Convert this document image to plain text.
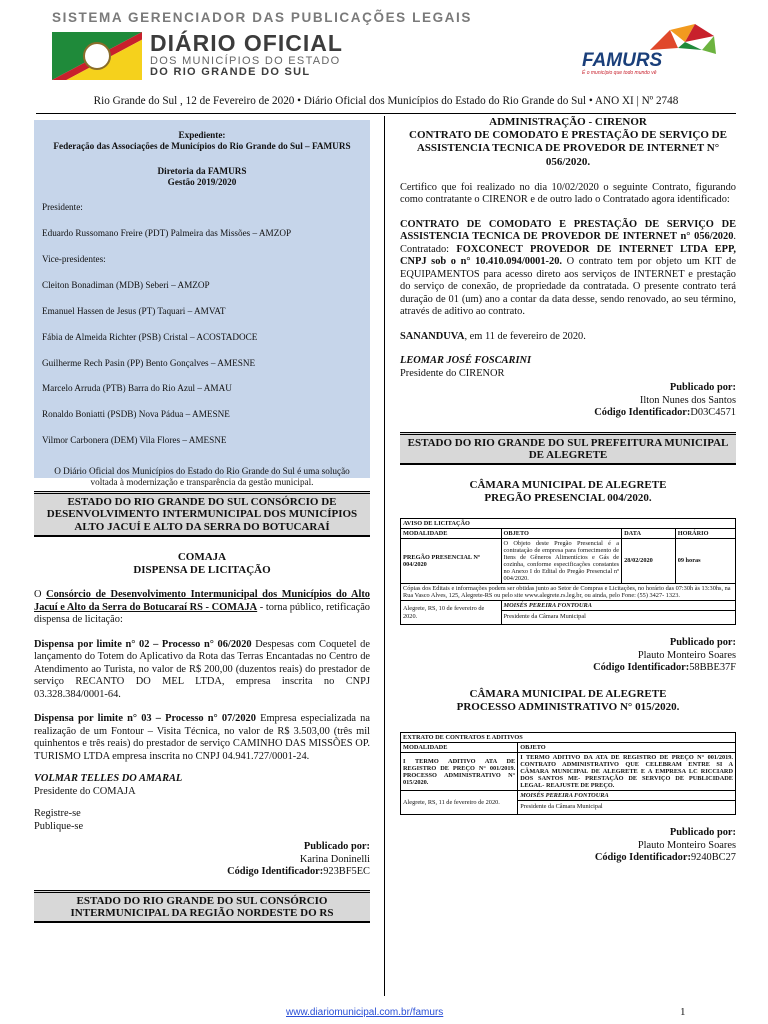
SISTEMA GERENCIADOR DAS PUBLICAÇÕES LEGAIS
DIÁRIO OFICIAL
DOS MUNICÍPIOS DO ESTADO
DO RIO GRANDE DO SUL
FAMURS
É o município que todo mundo vê
Rio Grande do Sul , 12 de Fevereiro de 2020 • Diário Oficial dos Municípios do Estado do Rio Grande do Sul • ANO XI | Nº 2748

Expediente:

Federação das Associações de Municípios do Rio Grande do Sul – FAMURS

Diretoria da FAMURS

Gestão 2019/2020

Presidente:

Eduardo Russomano Freire (PDT) Palmeira das Missões – AMZOP

Vice-presidentes:

Cleiton Bonadiman (MDB) Seberi – AMZOP

Emanuel Hassen de Jesus (PT) Taquari – AMVAT

Fábia de Almeida Richter (PSB) Cristal – ACOSTADOCE

Guilherme Rech Pasin (PP) Bento Gonçalves – AMESNE

Marcelo Arruda (PTB) Barra do Rio Azul – AMAU

Ronaldo Boniatti (PSDB) Nova Pádua – AMESNE

Vilmor Carbonera (DEM) Vila Flores – AMESNE

O Diário Oficial dos Municípios do Estado do Rio Grande do Sul é uma solução voltada à modernização e transparência da gestão municipal.

ESTADO DO RIO GRANDE DO SUL CONSÓRCIO DE DESENVOLVIMENTO INTERMUNICIPAL DOS MUNICÍPIOS ALTO JACUÍ E ALTO DA SERRA DO BOTUCARAÍ
COMAJA
DISPENSA DE LICITAÇÃO

O Consórcio de Desenvolvimento Intermunicipal dos Municípios do Alto Jacuí e Alto da Serra do Botucaraí RS - COMAJA - torna público, retificação dispensa de licitação:

Dispensa por limite n° 02 – Processo n° 06/2020 Despesas com Coquetel de lançamento do Totem do Aplicativo da Rota das Terras Encantadas no Centro de Atendimento ao Turista, no valor de R$ 200,00 (duzentos reais) do prestador de serviço RECANTO DO MEL LTDA, empresa inscrita no CNPJ 03.328.384/0001-64.

Dispensa por limite n° 03 – Processo n° 07/2020 Empresa especializada na realização de um Fontour – Visita Técnica, no valor de R$ 3.503,00 (três mil quinhentos e três reais) do prestador de serviço CAMINHO DAS MISSÕES OP. TURISMO LTDA empresa inscrita no CNPJ 04.941.727/0001-24.

VOLMAR TELLES DO AMARAL

Presidente do COMAJA

Registre-se

Publique-se

Publicado por:
Karina Doninelli
Código Identificador:923BF5EC
ESTADO DO RIO GRANDE DO SUL CONSÓRCIO INTERMUNICIPAL DA REGIÃO NORDESTE DO RS
ADMINISTRAÇÃO - CIRENOR
CONTRATO DE COMODATO E PRESTAÇÃO DE SERVIÇO DE ASSISTENCIA TECNICA DE PROVEDOR DE INTERNET N° 056/2020.

Certifico que foi realizado no dia 10/02/2020 o seguinte Contrato, figurando como contratante o CIRENOR e de outro lado o Contratado agora identificado:

CONTRATO DE COMODATO E PRESTAÇÃO DE SERVIÇO DE ASSISTENCIA TECNICA DE PROVEDOR DE INTERNET n° 056/2020. Contratado: FOXCONECT PROVEDOR DE INTERNET LTDA EPP, CNPJ sob o n° 10.410.094/0001-20. O contrato tem por objeto um KIT de EQUIPAMENTOS para acesso direto aos serviços de INTERNET e prestação do serviço de conexão, de propriedade da contratada. O presente contrato terá duração de 01 (um) ano a contar da data desse, sendo renovado, ao seu término, através de aditivo ao contrato.

SANANDUVA, em 11 de fevereiro de 2020.

LEOMAR JOSÉ FOSCARINI

Presidente do CIRENOR

Publicado por:
Ilton Nunes dos Santos
Código Identificador:D03C4571
ESTADO DO RIO GRANDE DO SUL PREFEITURA MUNICIPAL DE ALEGRETE
CÂMARA MUNICIPAL DE ALEGRETE
PREGÃO PRESENCIAL 004/2020.
AVISO DE LICITAÇÃO			
MODALIDADE	OBJETO	DATA	HORÁRIO
PREGÃO PRESENCIAL Nº 004/2020	O Objeto deste Pregão Presencial é a contratação de empresa para fornecimento de Itens de Gêneros Alimentícios e Gás de cozinha, conforme especificações constantes no Anexo I do Edital do Pregão Presencial nº 004/2020.	28/02/2020	09 horas
Cópias dos Editais e informações podem ser obtidas junto ao Setor de Compras e Licitações, no horário das 07:30h às 13:30hs, na Rua Vasco Alves, 125, Alegrete-RS ou pelo site www.alegrete.rs.leg.br, ou ainda, pelo Fone: (55) 3427- 1323.			
Alegrete, RS, 10 de fevereiro de 2020.	MOISÉS PEREIRA FONTOURA
Presidente da Câmara Municipal		
Publicado por:
Plauto Monteiro Soares
Código Identificador:58BBE37F
CÂMARA MUNICIPAL DE ALEGRETE
PROCESSO ADMINISTRATIVO N° 015/2020.
EXTRATO DE CONTRATOS E ADITIVOS	
MODALIDADE	OBJETO
I TERMO ADITIVO ATA DE REGISTRO DE PREÇO N° 001/2019. PROCESSO ADMINISTRATIVO N° 015/2020.	I TERMO ADITIVO DA ATA DE REGISTRO DE PREÇO N° 001/2019. CONTRATO ADMINISTRATIVO QUE CELEBRAM ENTRE SI A CÂMARA MUNICIPAL DE ALEGRETE E A EMPRESA LC RICCIARD DOS SANTOS ME- PRESTAÇÃO DE SERVIÇO DE PUBLICIDADE LEGAL- REAJUSTE DE PREÇO.
Alegrete, RS, 11 de fevereiro de 2020.	MOISÉS PEREIRA FONTOURA
Presidente da Câmara Municipal
Publicado por:
Plauto Monteiro Soares
Código Identificador:9240BC27
www.diariomunicipal.com.br/famurs	1
